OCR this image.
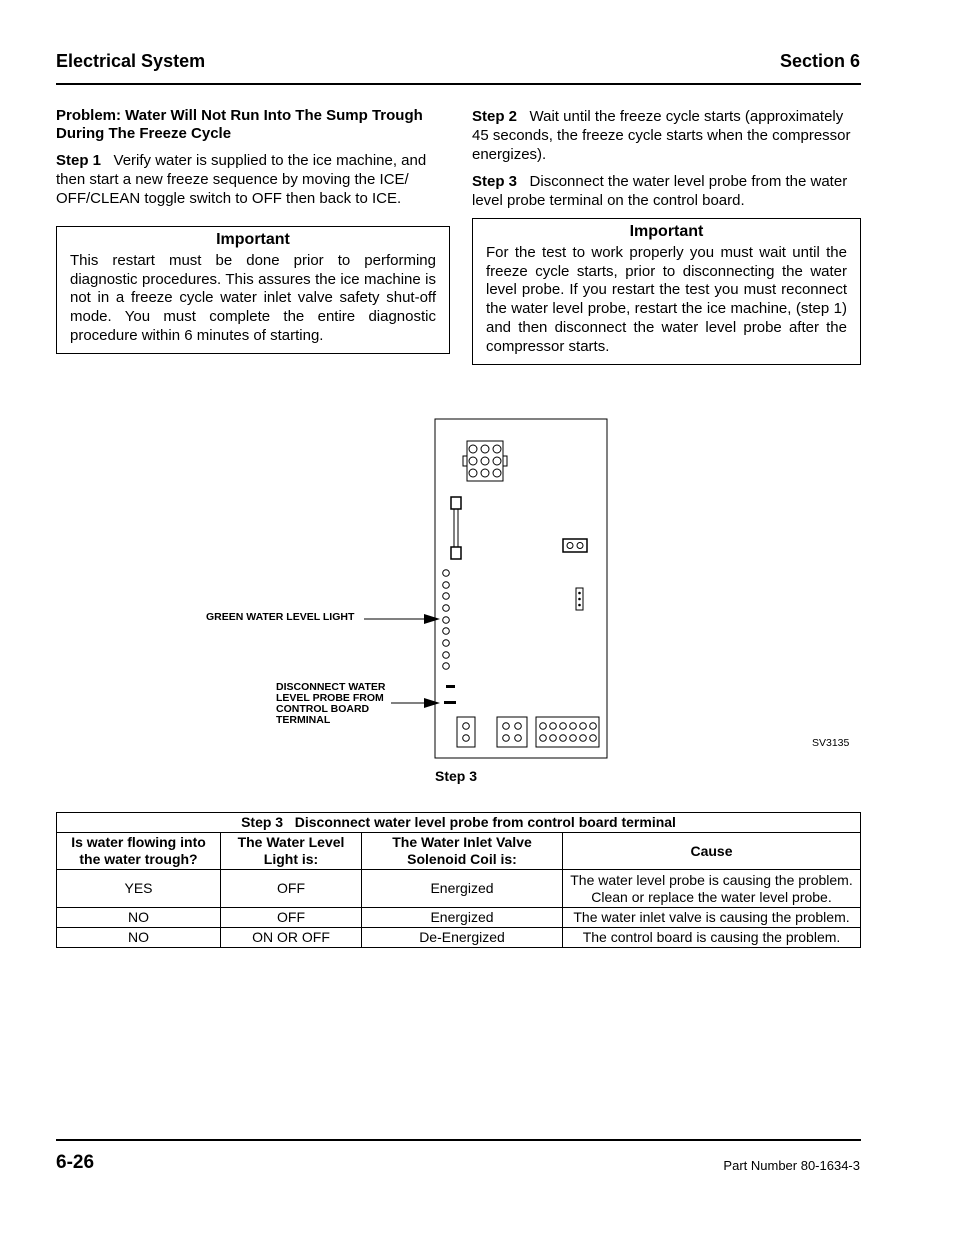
Electrical System	Section 6

Problem: Water Will Not Run Into The Sump Trough During The Freeze Cycle

Step 1 Verify water is supplied to the ice machine, and then start a new freeze sequence by moving the ICE/ OFF/CLEAN toggle switch to OFF then back to ICE.

Important
This restart must be done prior to performing diagnostic procedures. This assures the ice machine is not in a freeze cycle water inlet valve safety shut-off mode. You must complete the entire diagnostic procedure within 6 minutes of starting.

Step 2 Wait until the freeze cycle starts (approximately 45 seconds, the freeze cycle starts when the compressor energizes).

Step 3 Disconnect the water level probe from the water level probe terminal on the control board.

Important
For the test to work properly you must wait until the freeze cycle starts, prior to disconnecting the water level probe. If you restart the test you must reconnect the water level probe, restart the ice machine, (step 1) and then disconnect the water level probe after the compressor starts.
GREEN WATER LEVEL LIGHT
DISCONNECT WATER
LEVEL PROBE FROM
CONTROL BOARD
TERMINAL
SV3135
Step 3
Step 3   Disconnect water level probe from control board terminal			
Is water flowing into the water trough?	The Water Level Light is:	The Water Inlet Valve Solenoid Coil is:	Cause
YES	OFF	Energized	The water level probe is causing the problem. Clean or replace the water level probe.
NO	OFF	Energized	The water inlet valve is causing the problem.
NO	ON OR OFF	De-Energized	The control board is causing the problem.
6-26	Part Number 80-1634-3
